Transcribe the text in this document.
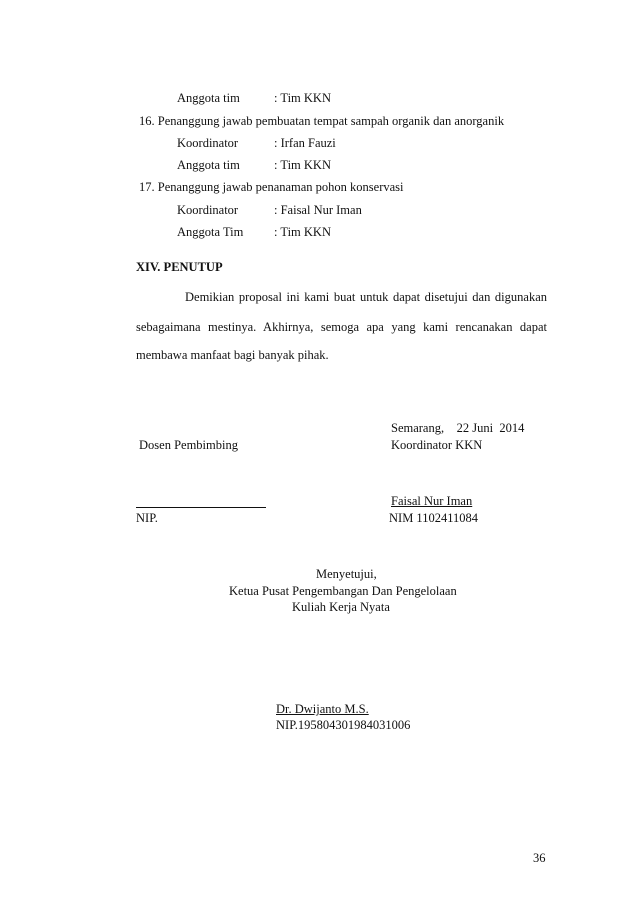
Anggota tim	: Tim KKN
16. Penanggung jawab pembuatan tempat sampah organik dan anorganik
Koordinator	: Irfan Fauzi
Anggota tim	: Tim KKN
17. Penanggung jawab penanaman pohon konservasi
Koordinator	: Faisal Nur Iman
Anggota Tim : Tim KKN
XIV. PENUTUP
Demikian proposal ini kami buat untuk dapat disetujui dan digunakan
sebagaimana mestinya. Akhirnya, semoga apa yang kami rencanakan dapat
membawa manfaat bagi banyak pihak.
Semarang,    22 Juni  2014
Dosen Pembimbing	Koordinator KKN
Faisal Nur Iman
NIP.	NIM 1102411084
Menyetujui,
Ketua Pusat Pengembangan Dan Pengelolaan
Kuliah Kerja Nyata
Dr. Dwijanto M.S.
NIP.195804301984031006
36
